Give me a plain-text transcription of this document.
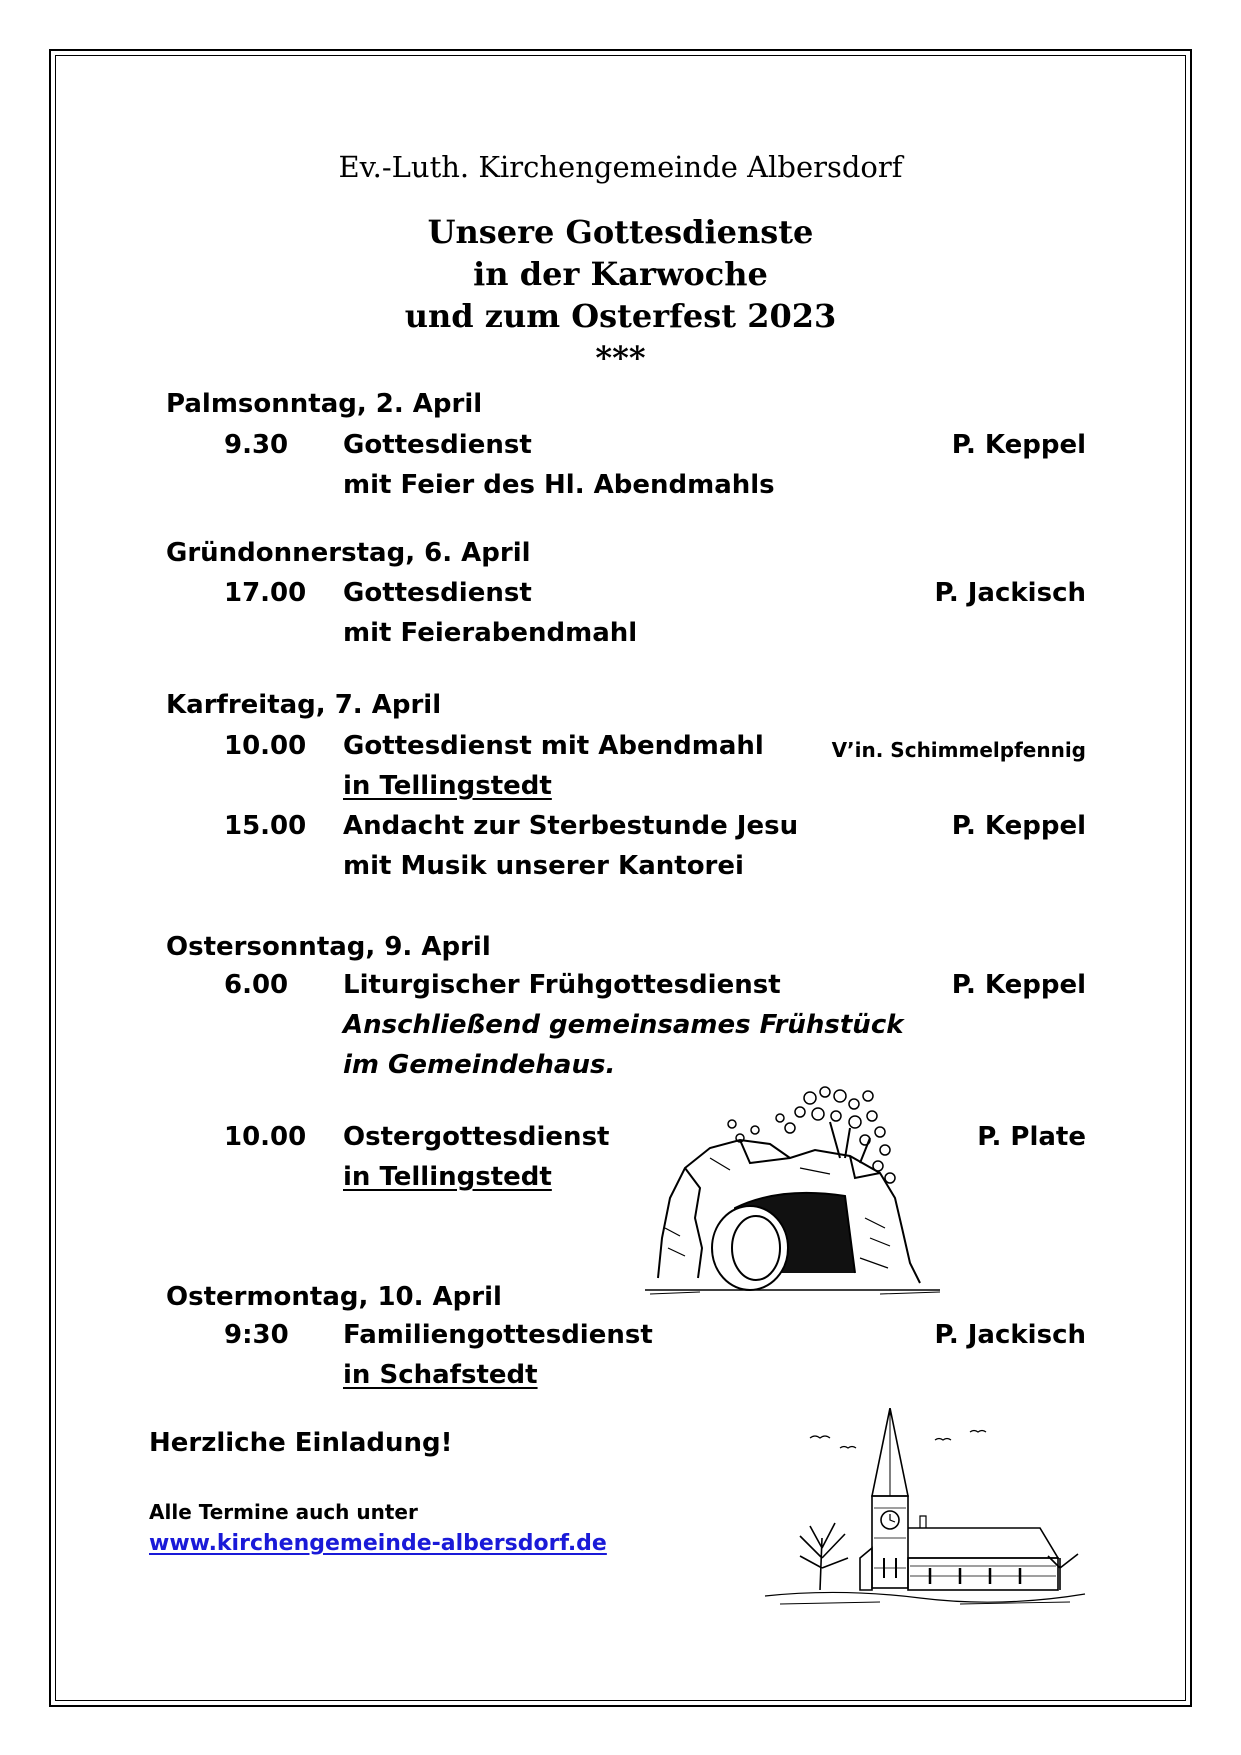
Ev.-Luth. Kirchengemeinde Albersdorf
Unsere Gottesdienste
in der Karwoche
und zum Osterfest 2023
***
Palmsonntag, 2. April
9.30 Gottesdienst
mit Feier des Hl. Abendmahls
P. Keppel
Gründonnerstag, 6. April
17.00 Gottesdienst
mit Feierabendmahl
P. Jackisch
Karfreitag, 7. April
10.00 Gottesdienst mit Abendmahl
in Tellingstedt
V’in. Schimmelpfennig
15.00 Andacht zur Sterbestunde Jesu
mit Musik unserer Kantorei
P. Keppel
Ostersonntag, 9. April
6.00 Liturgischer Frühgottesdienst
Anschließend gemeinsames Frühstück
im Gemeindehaus.
P. Keppel
10.00 Ostergottesdienst
in Tellingstedt
P. Plate
Ostermontag, 10. April
9:30 Familiengottesdienst
in Schafstedt
P. Jackisch
Herzliche Einladung!
Alle Termine auch unter
www.kirchengemeinde-albersdorf.de
